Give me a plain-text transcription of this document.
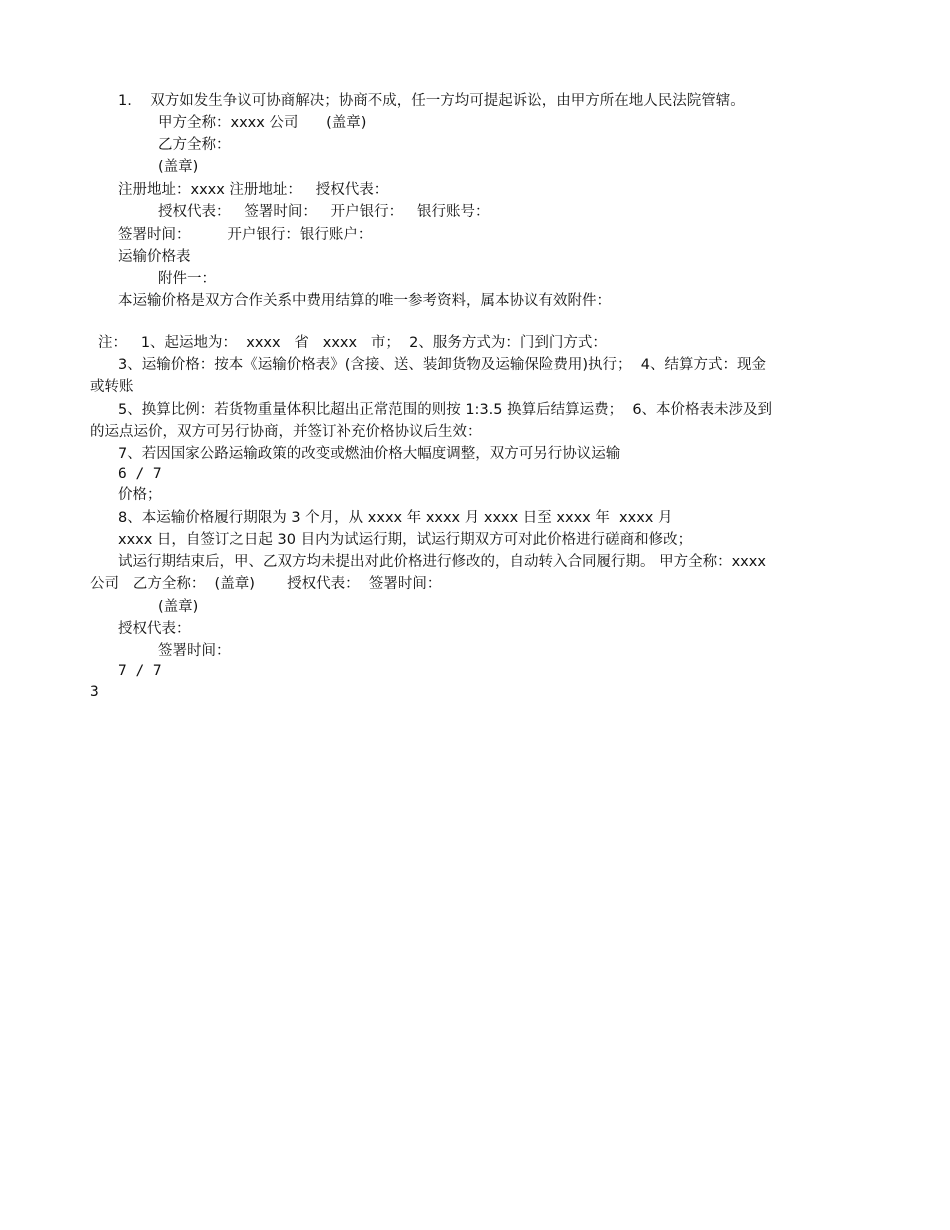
1.    双方如发生争议可协商解决；协商不成，任一方均可提起诉讼，由甲方所在地人民法院管辖。
甲方全称：xxxx 公司      (盖章)
乙方全称：
(盖章)
注册地址：xxxx 注册地址：   授权代表：
授权代表：   签署时间：   开户银行：   银行账号：
签署时间：        开户银行：银行账户：
运输价格表
附件一：
本运输价格是双方合作关系中费用结算的唯一参考资料，属本协议有效附件：
注：   1、起运地为：  xxxx   省   xxxx   市；  2、服务方式为：门到门方式：
3、运输价格：按本《运输价格表》(含接、送、装卸货物及运输保险费用)执行；  4、结算方式：现金
或转账
5、换算比例：若货物重量体积比超出正常范围的则按 1:3.5 换算后结算运费；  6、本价格表未涉及到
的运点运价，双方可另行协商，并签订补充价格协议后生效：
7、若因国家公路运输政策的改变或燃油价格大幅度调整，双方可另行协议运输
6 / 7
价格；
8、本运输价格履行期限为 3 个月，从 xxxx 年 xxxx 月 xxxx 日至 xxxx 年  xxxx 月
xxxx 日，自签订之日起 30 目内为试运行期，试运行期双方可对此价格进行磋商和修改；
试运行期结束后，甲、乙双方均未提出对此价格进行修改的，自动转入合同履行期。 甲方全称：xxxx
公司   乙方全称：  (盖章)       授权代表：  签署时间：
(盖章)
授权代表：
签署时间：
7 / 7
3
